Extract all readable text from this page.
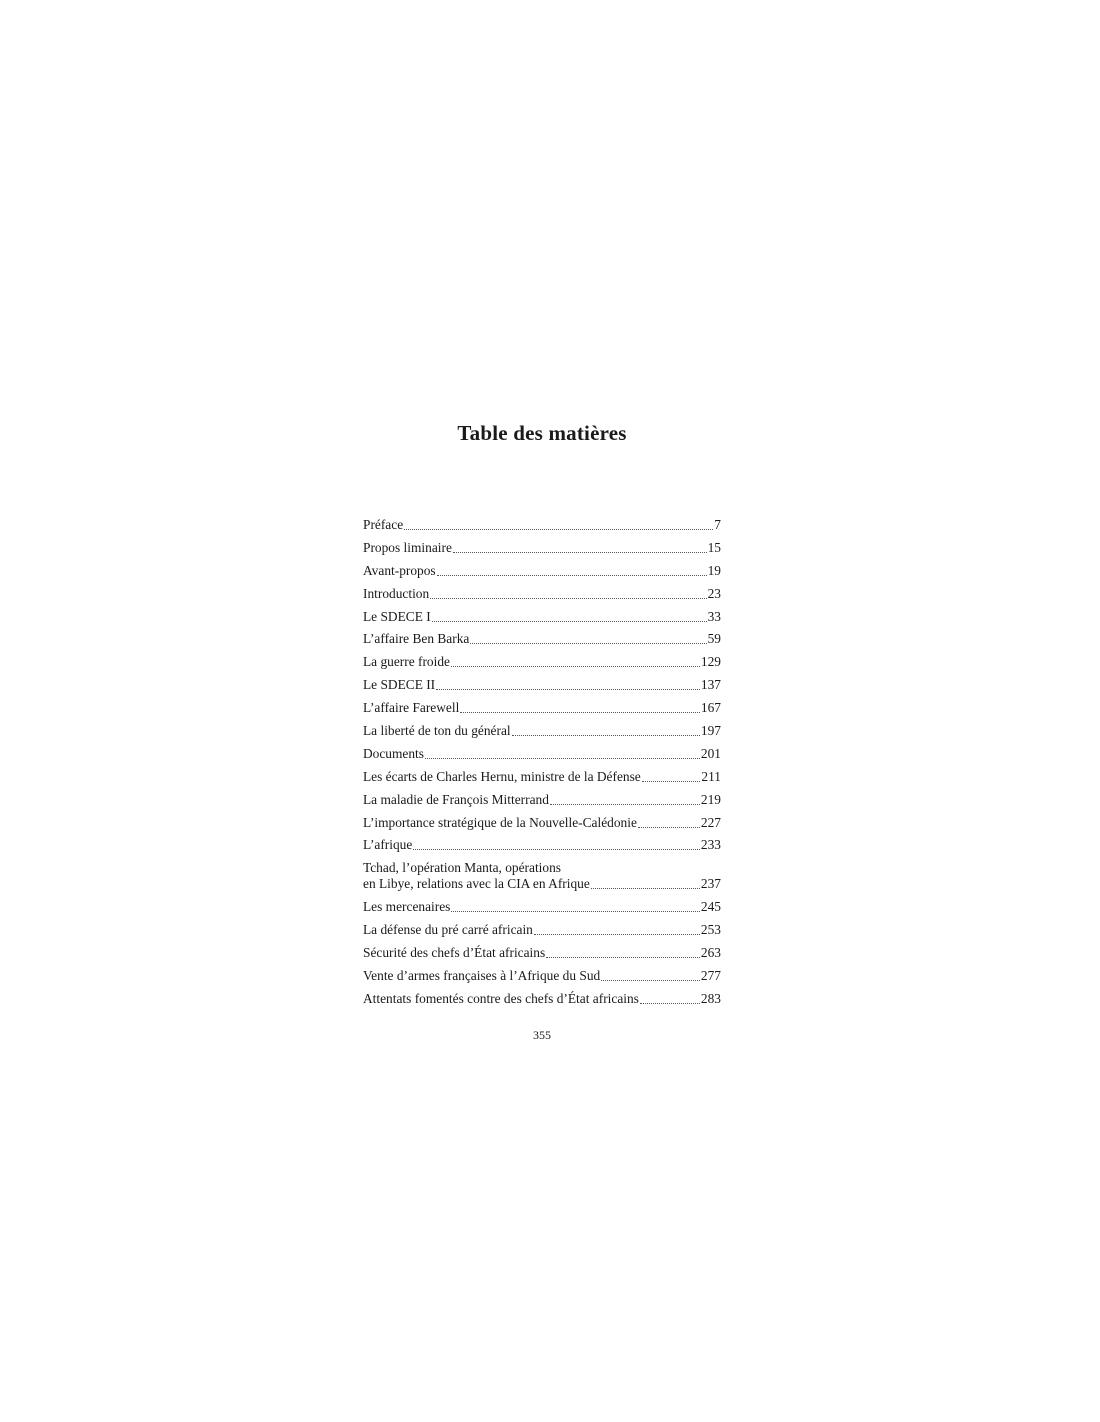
Table des matières
Préface	7
Propos liminaire	15
Avant-propos	19
Introduction	23
Le SDECE I	33
L’affaire Ben Barka	59
La guerre froide	129
Le SDECE II	137
L’affaire Farewell	167
La liberté de ton du général	197
Documents	201
Les écarts de Charles Hernu, ministre de la Défense	211
La maladie de François Mitterrand	219
L’importance stratégique de la Nouvelle-Calédonie	227
L’afrique	233
Tchad, l’opération Manta, opérations
en Libye, relations avec la CIA en Afrique	237
Les mercenaires	245
La défense du pré carré africain	253
Sécurité des chefs d’État africains	263
Vente d’armes françaises à l’Afrique du Sud	277
Attentats fomentés contre des chefs d’État africains	283
355
